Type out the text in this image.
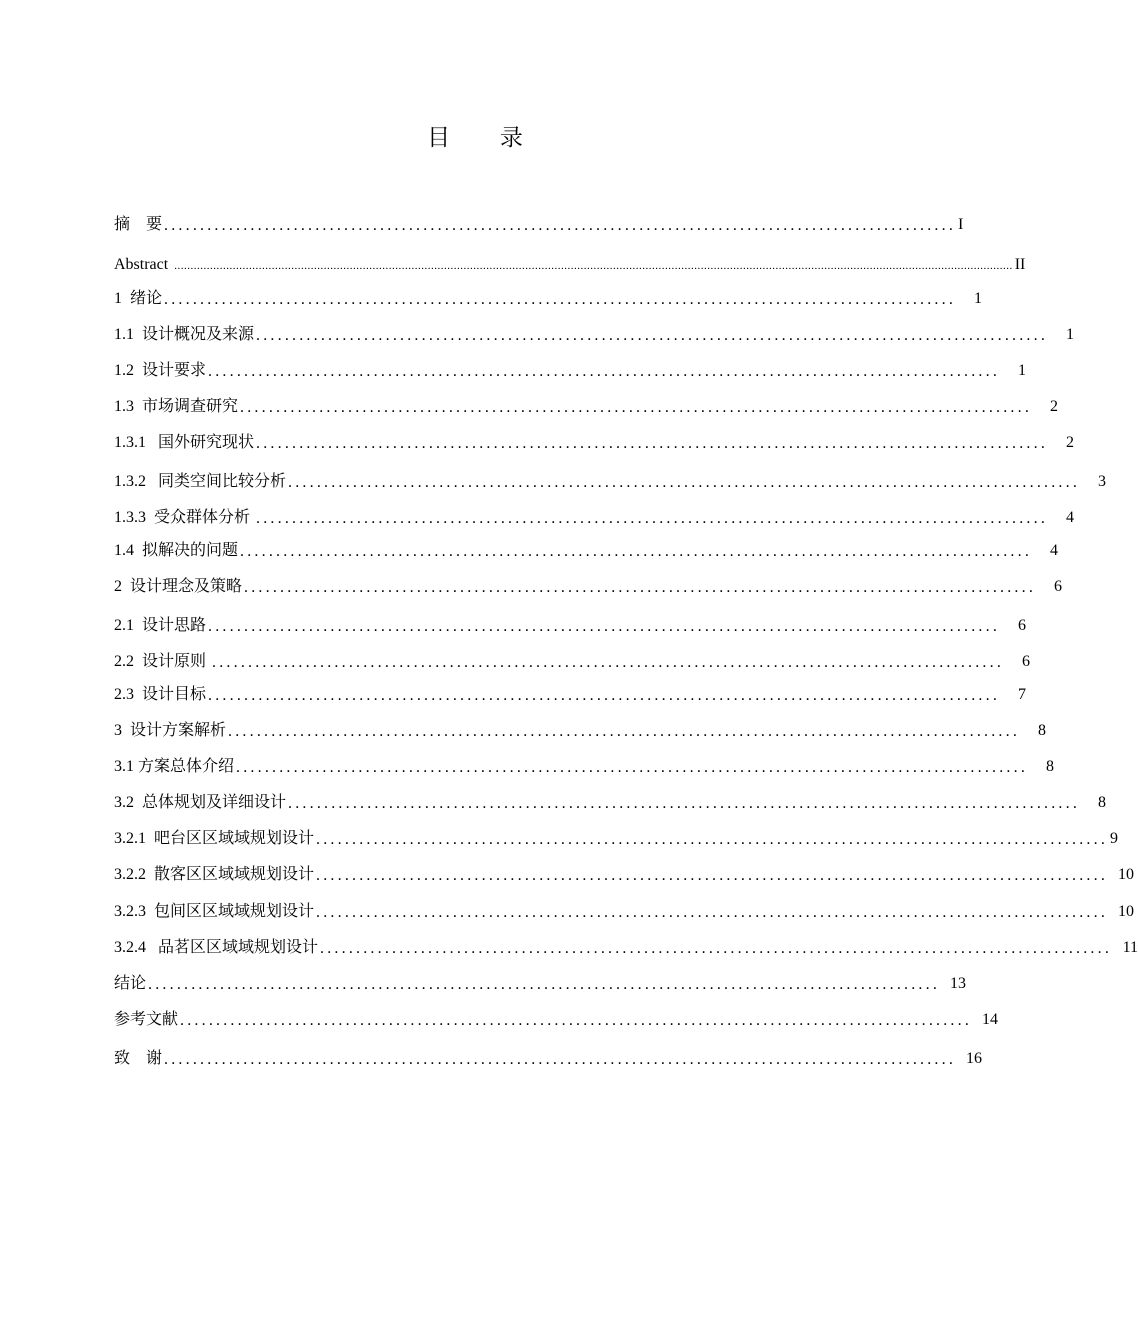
目 录
摘    要 .............................................................................................................. I
Abstract .................................................................................................................................................................................................................................................................. II
1  绪论 ..............................................................................................................	1
1.1  设计概况及来源 ..............................................................................................................	1
1.2  设计要求 ..............................................................................................................	1
1.3  市场调查研究 ..............................................................................................................	2
1.3.1   国外研究现状 ..............................................................................................................	2
1.3.2   同类空间比较分析 ..............................................................................................................	3
1.3.3  受众群体分析 ..............................................................................................................	4
1.4  拟解决的问题 ..............................................................................................................	4
2  设计理念及策略 ..............................................................................................................	6
2.1  设计思路 ..............................................................................................................	6
2.2  设计原则 ..............................................................................................................	6
2.3  设计目标 ..............................................................................................................	7
3  设计方案解析 ..............................................................................................................	8
3.1 方案总体介绍 ..............................................................................................................	8
3.2  总体规划及详细设计 ..............................................................................................................	8
3.2.1  吧台区区域域规划设计 .............................................................................................................. 9
3.2.2  散客区区域域规划设计 .............................................................................................................. 10
3.2.3  包间区区域域规划设计 .............................................................................................................. 10
3.2.4   品茗区区域域规划设计 .............................................................................................................. 11
结论 .............................................................................................................. 13
参考文献 .............................................................................................................. 14
致    谢 .............................................................................................................. 16
